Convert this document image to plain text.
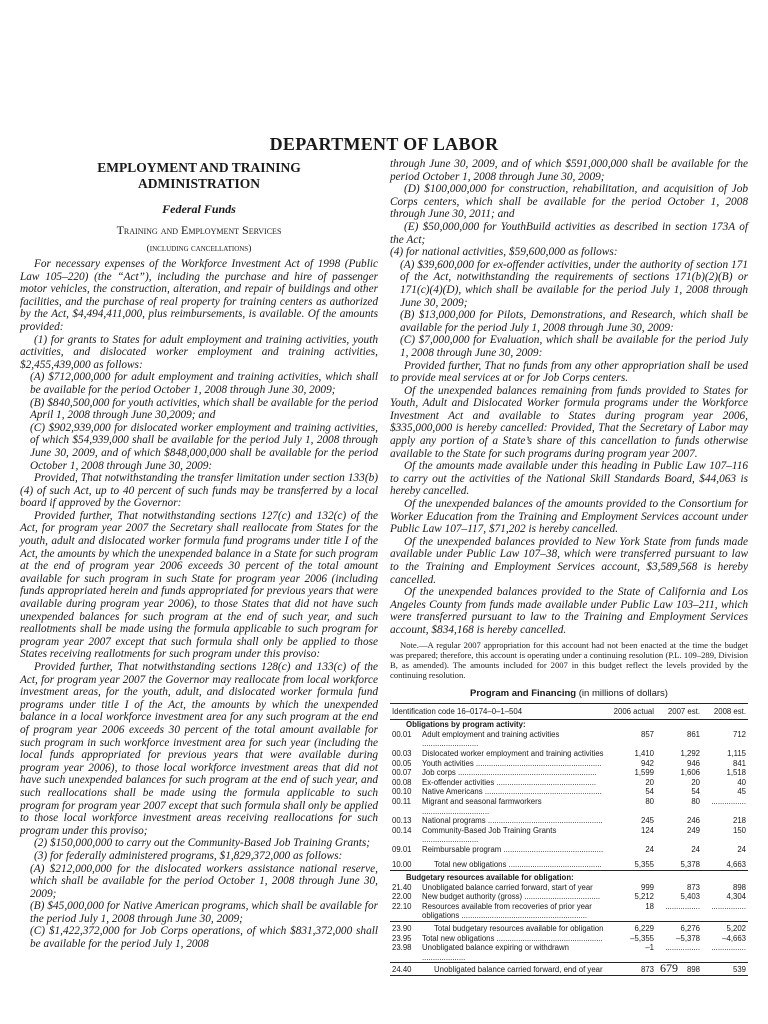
DEPARTMENT OF LABOR
EMPLOYMENT AND TRAINING ADMINISTRATION
Federal Funds
Training and Employment Services
(including cancellations)

For necessary expenses of the Workforce Investment Act of 1998 (Public Law 105–220) (the “Act”), including the purchase and hire of passenger motor vehicles, the construction, alteration, and repair of buildings and other facilities, and the purchase of real property for training centers as authorized by the Act, $4,494,411,000, plus reimbursements, is available. Of the amounts provided:

(1) for grants to States for adult employment and training activities, youth activities, and dislocated worker employment and training activities, $2,455,439,000 as follows:

(A) $712,000,000 for adult employment and training activities, which shall be available for the period October 1, 2008 through June 30, 2009;

(B) $840,500,000 for youth activities, which shall be available for the period April 1, 2008 through June 30,2009; and

(C) $902,939,000 for dislocated worker employment and training activities, of which $54,939,000 shall be available for the period July 1, 2008 through June 30, 2009, and of which $848,000,000 shall be available for the period October 1, 2008 through June 30, 2009:

Provided, That notwithstanding the transfer limitation under section 133(b)(4) of such Act, up to 40 percent of such funds may be transferred by a local board if approved by the Governor:

Provided further, That notwithstanding sections 127(c) and 132(c) of the Act, for program year 2007 the Secretary shall reallocate from States for the youth, adult and dislocated worker formula fund programs under title I of the Act, the amounts by which the unexpended balance in a State for such program at the end of program year 2006 exceeds 30 percent of the total amount available for such program in such State for program year 2006 (including funds appropriated herein and funds appropriated for previous years that were available during program year 2006), to those States that did not have such unexpended balances for such program at the end of such year, and such reallotments shall be made using the formula applicable to such program for program year 2007 except that such formula shall only be applied to those States receiving reallotments for such program under this proviso:

Provided further, That notwithstanding sections 128(c) and 133(c) of the Act, for program year 2007 the Governor may reallocate from local workforce investment areas, for the youth, adult, and dislocated worker formula fund programs under title I of the Act, the amounts by which the unexpended balance in a local workforce investment area for any such program at the end of program year 2006 exceeds 30 percent of the total amount available for such program in such workforce investment area for such year (including the local funds appropriated for previous years that were available during program year 2006), to those local workforce investment areas that did not have such unexpended balances for such program at the end of such year, and such reallocations shall be made using the formula applicable to such program for program year 2007 except that such formula shall only be applied to those local workforce investment areas receiving reallocations for such program under this proviso;

(2) $150,000,000 to carry out the Community-Based Job Training Grants;

(3) for federally administered programs, $1,829,372,000 as follows:

(A) $212,000,000 for the dislocated workers assistance national reserve, which shall be available for the period October 1, 2008 through June 30, 2009;

(B) $45,000,000 for Native American programs, which shall be available for the period July 1, 2008 through June 30, 2009;

(C) $1,422,372,000 for Job Corps operations, of which $831,372,000 shall be available for the period July 1, 2008

through June 30, 2009, and of which $591,000,000 shall be available for the period October 1, 2008 through June 30, 2009;

(D) $100,000,000 for construction, rehabilitation, and acquisition of Job Corps centers, which shall be available for the period October 1, 2008 through June 30, 2011; and

(E) $50,000,000 for YouthBuild activities as described in section 173A of the Act;

(4) for national activities, $59,600,000 as follows:

(A) $39,600,000 for ex-offender activities, under the authority of section 171 of the Act, notwithstanding the requirements of sections 171(b)(2)(B) or 171(c)(4)(D), which shall be available for the period July 1, 2008 through June 30, 2009;

(B) $13,000,000 for Pilots, Demonstrations, and Research, which shall be available for the period July 1, 2008 through June 30, 2009:

(C) $7,000,000 for Evaluation, which shall be available for the period July 1, 2008 through June 30, 2009:

Provided further, That no funds from any other appropriation shall be used to provide meal services at or for Job Corps centers.

Of the unexpended balances remaining from funds provided to States for Youth, Adult and Dislocated Worker formula programs under the Workforce Investment Act and available to States during program year 2006, $335,000,000 is hereby cancelled: Provided, That the Secretary of Labor may apply any portion of a State’s share of this cancellation to funds otherwise available to the State for such programs during program year 2007.

Of the amounts made available under this heading in Public Law 107–116 to carry out the activities of the National Skill Standards Board, $44,063 is hereby cancelled.

Of the unexpended balances of the amounts provided to the Consortium for Worker Education from the Training and Employment Services account under Public Law 107–117, $71,202 is hereby cancelled.

Of the unexpended balances provided to New York State from funds made available under Public Law 107–38, which were transferred pursuant to law to the Training and Employment Services account, $3,589,568 is hereby cancelled.

Of the unexpended balances provided to the State of California and Los Angeles County from funds made available under Public Law 103–211, which were transferred pursuant to law to the Training and Employment Services account, $834,168 is hereby cancelled.

Note.—A regular 2007 appropriation for this account had not been enacted at the time the budget was prepared; therefore, this account is operating under a continuing resolution (P.L. 109–289, Division B, as amended). The amounts included for 2007 in this budget reflect the levels provided by the continuing resolution.

Program and Financing (in millions of dollars)
Identification code 16–0174–0–1–504		2006 actual	2007 est.	2008 est.
Obligations by program activity:				
00.01	Adult employment and training activities ..........................	857	861	712
00.03	Dislocated worker employment and training activities	1,410	1,292	1,115
00.05	Youth activities ..........................................................	942	946	841
00.07	Job corps ................................................................	1,599	1,606	1,518
00.08	Ex-offender activities ..............................................	20	20	40
00.10	Native Americans ......................................................	54	54	45
00.11	Migrant and seasonal farmworkers ...............................	80	80	................
00.13	National programs .....................................................	245	246	218
00.14	Community-Based Job Training Grants ..........................	124	249	150
09.01	Reimbursable program ..............................................	24	24	24

10.00	Total new obligations ...........................................	5,355	5,378	4,663

Budgetary resources available for obligation:				
21.40	Unobligated balance carried forward, start of year	999	873	898
22.00	New budget authority (gross) ...................................	5,212	5,403	4,304
22.10	Resources available from recoveries of prior year obligations ..........................................................	18	................	................

23.90	Total budgetary resources available for obligation	6,229	6,276	5,202
23.95	Total new obligations .................................................	–5,355	–5,378	–4,663
23.98	Unobligated balance expiring or withdrawn ....................	–1	................	................

24.40	Unobligated balance carried forward, end of year	873	898	539
679
